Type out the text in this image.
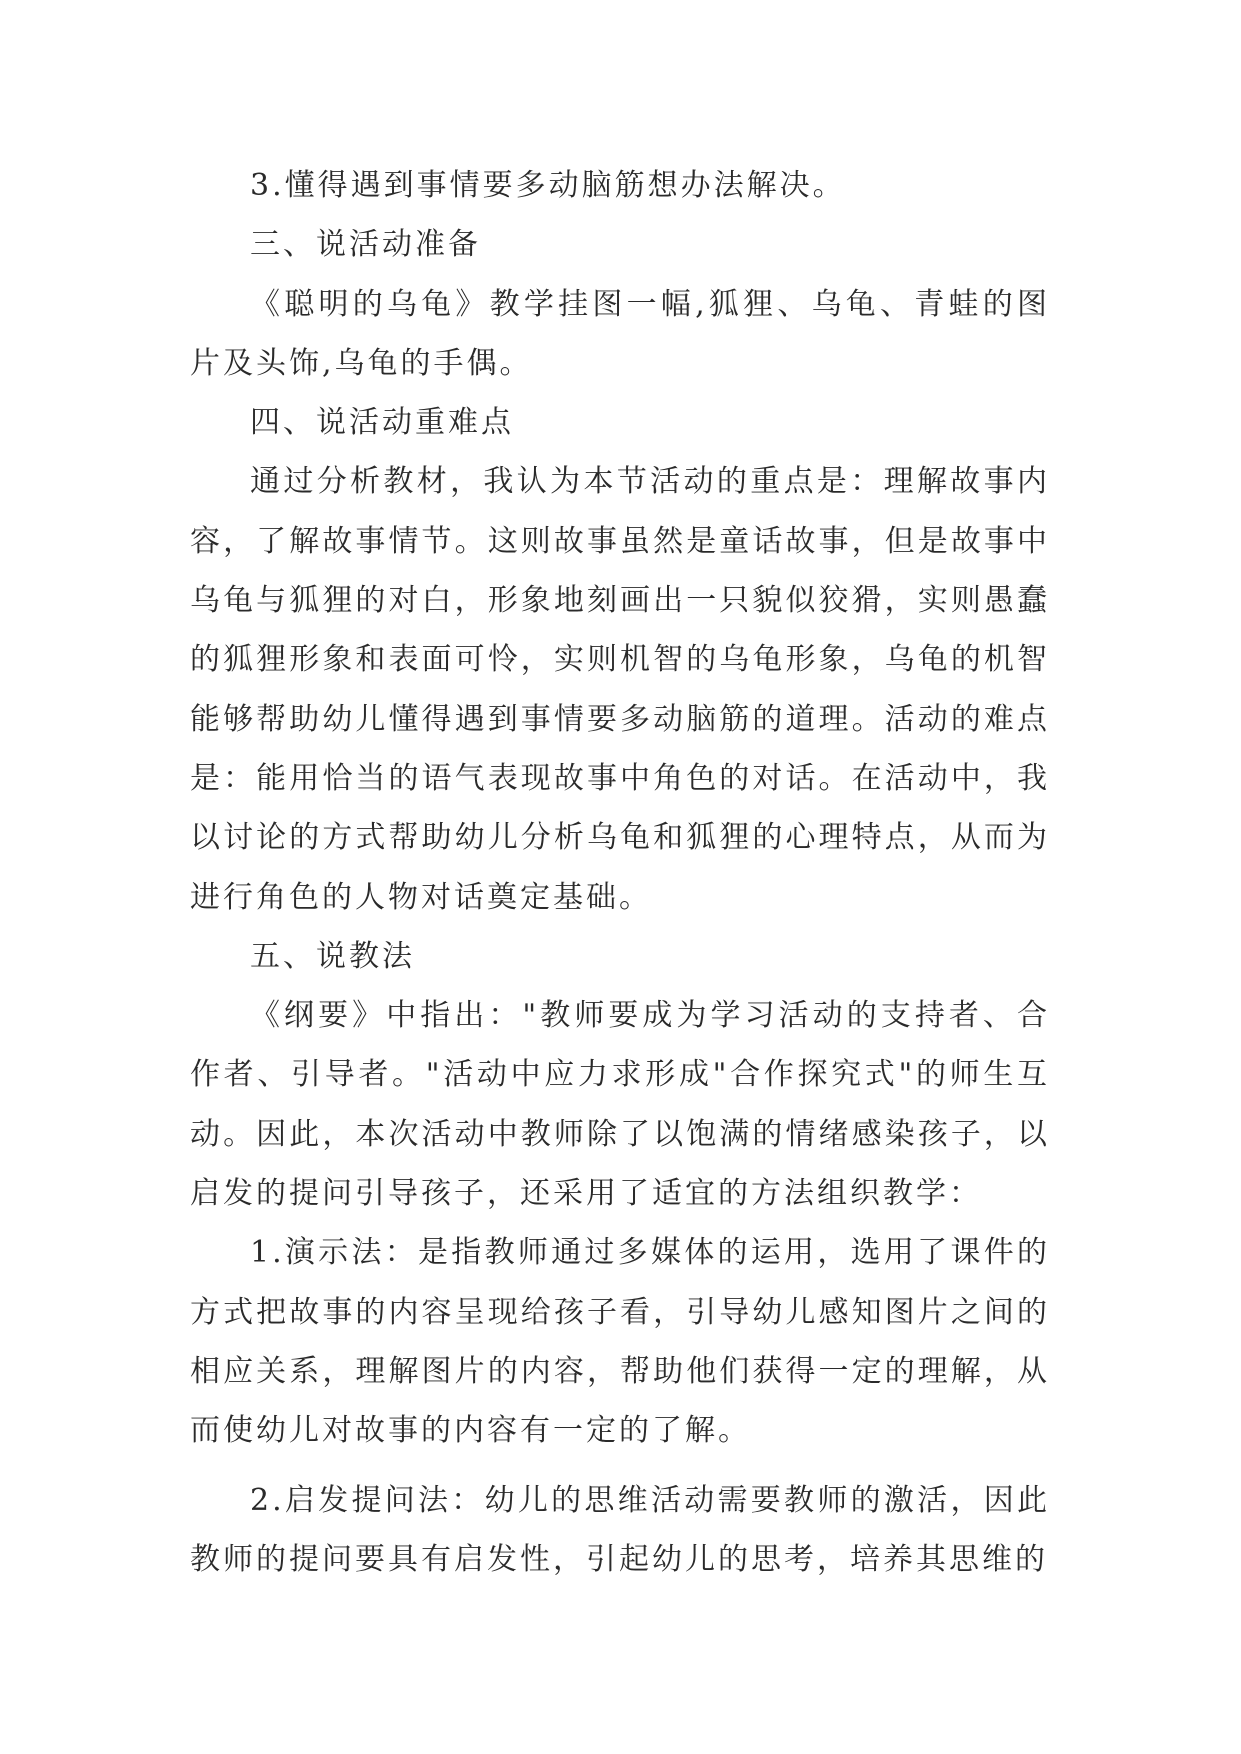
3.懂得遇到事情要多动脑筋想办法解决。

三、说活动准备

《聪明的乌龟》教学挂图一幅,狐狸、乌龟、青蛙的图片及头饰,乌龟的手偶。

四、说活动重难点

通过分析教材，我认为本节活动的重点是：理解故事内容，了解故事情节。这则故事虽然是童话故事，但是故事中乌龟与狐狸的对白，形象地刻画出一只貌似狡猾，实则愚蠢的狐狸形象和表面可怜，实则机智的乌龟形象，乌龟的机智能够帮助幼儿懂得遇到事情要多动脑筋的道理。活动的难点是：能用恰当的语气表现故事中角色的对话。在活动中，我以讨论的方式帮助幼儿分析乌龟和狐狸的心理特点，从而为进行角色的人物对话奠定基础。

五、说教法

《纲要》中指出："教师要成为学习活动的支持者、合作者、引导者。"活动中应力求形成"合作探究式"的师生互动。因此，本次活动中教师除了以饱满的情绪感染孩子，以启发的提问引导孩子，还采用了适宜的方法组织教学：

1.演示法：是指教师通过多媒体的运用，选用了课件的方式把故事的内容呈现给孩子看，引导幼儿感知图片之间的相应关系，理解图片的内容，帮助他们获得一定的理解，从而使幼儿对故事的内容有一定的了解。

2.启发提问法：幼儿的思维活动需要教师的激活，因此教师的提问要具有启发性，引起幼儿的思考，培养其思维的
